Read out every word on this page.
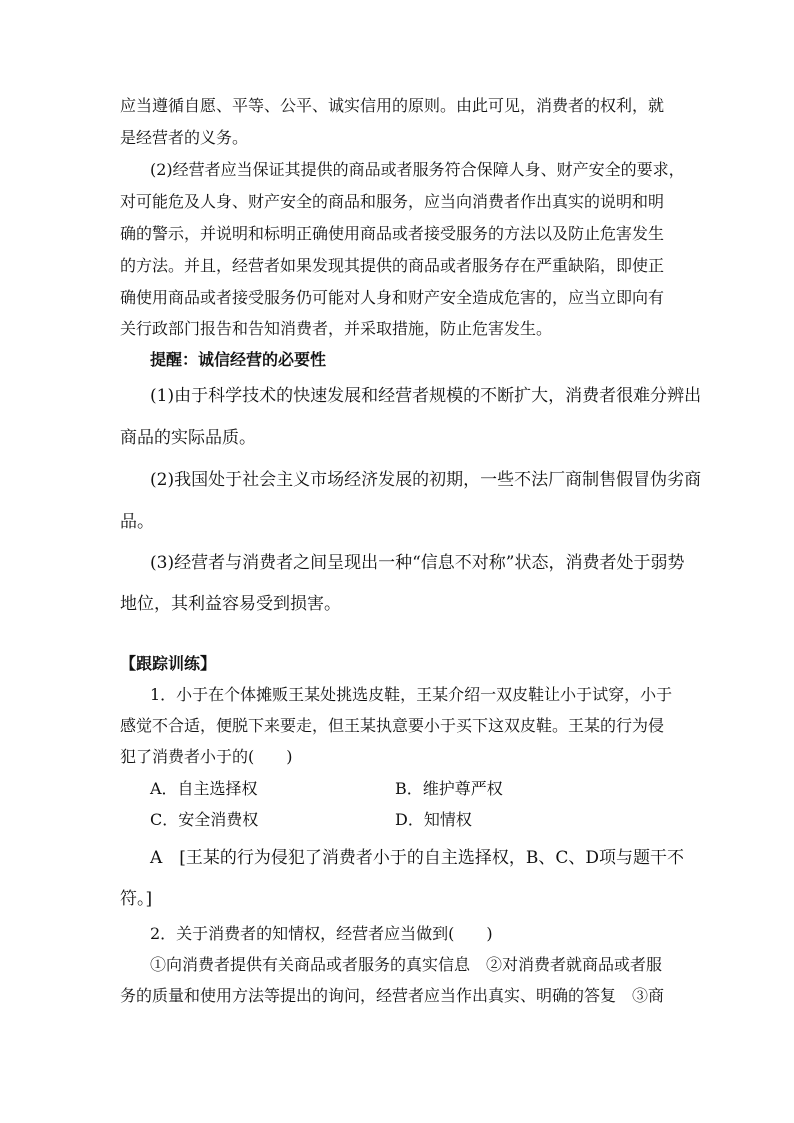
应当遵循自愿、平等、公平、诚实信用的原则。由此可见，消费者的权利，就
是经营者的义务。
(2)经营者应当保证其提供的商品或者服务符合保障人身、财产安全的要求，
对可能危及人身、财产安全的商品和服务，应当向消费者作出真实的说明和明
确的警示，并说明和标明正确使用商品或者接受服务的方法以及防止危害发生
的方法。并且，经营者如果发现其提供的商品或者服务存在严重缺陷，即使正
确使用商品或者接受服务仍可能对人身和财产安全造成危害的，应当立即向有
关行政部门报告和告知消费者，并采取措施，防止危害发生。
提醒：诚信经营的必要性
(1)由于科学技术的快速发展和经营者规模的不断扩大，消费者很难分辨出
商品的实际品质。
(2)我国处于社会主义市场经济发展的初期，一些不法厂商制售假冒伪劣商
品。
(3)经营者与消费者之间呈现出一种“信息不对称”状态，消费者处于弱势
地位，其利益容易受到损害。
【跟踪训练】
1．小于在个体摊贩王某处挑选皮鞋，王某介绍一双皮鞋让小于试穿，小于
感觉不合适，便脱下来要走，但王某执意要小于买下这双皮鞋。王某的行为侵
犯了消费者小于的(　　)
A．自主选择权	B．维护尊严权
C．安全消费权	D．知情权
A　[王某的行为侵犯了消费者小于的自主选择权，B、C、D项与题干不
符。]
2．关于消费者的知情权，经营者应当做到(　　)
①向消费者提供有关商品或者服务的真实信息　②对消费者就商品或者服
务的质量和使用方法等提出的询问，经营者应当作出真实、明确的答复　③商
